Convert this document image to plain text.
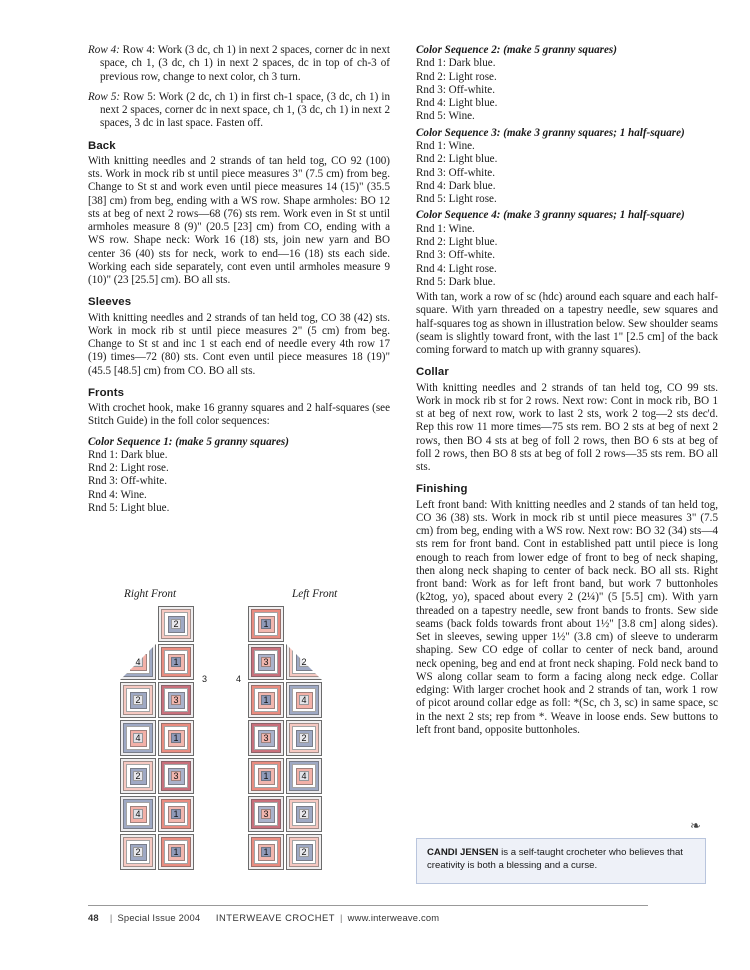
Row 4: Row 4: Work (3 dc, ch 1) in next 2 spaces, corner dc in next space, ch 1, (3 dc, ch 1) in next 2 spaces, dc in top of ch-3 of previous row, change to next color, ch 3 turn.

Row 5: Row 5: Work (2 dc, ch 1) in first ch-1 space, (3 dc, ch 1) in next 2 spaces, corner dc in next space, ch 1, (3 dc, ch 1) in next 2 spaces, 3 dc in last space. Fasten off.

Back

With knitting needles and 2 strands of tan held tog, CO 92 (100) sts. Work in mock rib st until piece measures 3" (7.5 cm) from beg. Change to St st and work even until piece measures 14 (15)" (35.5 [38] cm) from beg, ending with a WS row. Shape armholes: BO 12 sts at beg of next 2 rows—68 (76) sts rem. Work even in St st until armholes measure 8 (9)" (20.5 [23] cm) from CO, ending with a WS row. Shape neck: Work 16 (18) sts, join new yarn and BO center 36 (40) sts for neck, work to end—16 (18) sts each side. Working each side separately, cont even until armholes measure 9 (10)" (23 [25.5] cm). BO all sts.

Sleeves

With knitting needles and 2 strands of tan held tog, CO 38 (42) sts. Work in mock rib st until piece measures 2" (5 cm) from beg. Change to St st and inc 1 st each end of needle every 4th row 17 (19) times—72 (80) sts. Cont even until piece measures 18 (19)" (45.5 [48.5] cm) from CO. BO all sts.

Fronts

With crochet hook, make 16 granny squares and 2 half-squares (see Stitch Guide) in the foll color sequences:

Color Sequence 1: (make 5 granny squares)
Rnd 1: Dark blue.
Rnd 2: Light rose.
Rnd 3: Off-white.
Rnd 4: Wine.
Rnd 5: Light blue.
Color Sequence 2: (make 5 granny squares)
Rnd 1: Dark blue.
Rnd 2: Light rose.
Rnd 3: Off-white.
Rnd 4: Light blue.
Rnd 5: Wine.
Color Sequence 3: (make 3 granny squares; 1 half-square)
Rnd 1: Wine.
Rnd 2: Light blue.
Rnd 3: Off-white.
Rnd 4: Dark blue.
Rnd 5: Light rose.
Color Sequence 4: (make 3 granny squares; 1 half-square)
Rnd 1: Wine.
Rnd 2: Light blue.
Rnd 3: Off-white.
Rnd 4: Light rose.
Rnd 5: Dark blue.

With tan, work a row of sc (hdc) around each square and each half-square. With yarn threaded on a tapestry needle, sew squares and half-squares tog as shown in illustration below. Sew shoulder seams (seam is slightly toward front, with the last 1" [2.5 cm] of the back coming forward to match up with granny squares).

Collar

With knitting needles and 2 strands of tan held tog, CO 99 sts. Work in mock rib st for 2 rows. Next row: Cont in mock rib, BO 1 st at beg of next row, work to last 2 sts, work 2 tog—2 sts dec'd. Rep this row 11 more times—75 sts rem. BO 2 sts at beg of next 2 rows, then BO 4 sts at beg of foll 2 rows, then BO 6 sts at beg of foll 2 rows, then BO 8 sts at beg of foll 2 rows—35 sts rem. BO all sts.

Finishing

Left front band: With knitting needles and 2 stands of tan held tog, CO 36 (38) sts. Work in mock rib st until piece measures 3" (7.5 cm) from beg, ending with a WS row. Next row: BO 32 (34) sts—4 sts rem for front band. Cont in established patt until piece is long enough to reach from lower edge of front to beg of neck shaping, then along neck shaping to center of back neck. BO all sts. Right front band: Work as for left front band, but work 7 buttonholes (k2tog, yo), spaced about every 2 (2¼)" (5 [5.5] cm). With yarn threaded on a tapestry needle, sew front bands to fronts. Sew side seams (back folds towards front about 1½" [3.8 cm] along sides). Set in sleeves, sewing upper 1½" (3.8 cm) of sleeve to underarm shaping. Sew CO edge of collar to center of neck band, around neck opening, beg and end at front neck shaping. Fold neck band to WS along collar seam to form a facing along neck edge. Collar edging: With larger crochet hook and 2 strands of tan, work 1 row of picot around collar edge as foll: *(Sc, ch 3, sc) in same space, sc in the next 2 sts; rep from *. Weave in loose ends. Sew buttons to left front band, opposite buttonholes.

❧
Right Front	Left Front
2
3
4	1
2	3
4	1
2	3
4	1
2	1
1
4
3	2
1	4
3	2
1	4
3	2
1	2	CANDI JENSEN is a self-taught crocheter who believes that creativity is both a blessing and a curse.
48 | Special Issue 2004 INTERWEAVE CROCHET | www.interweave.com
